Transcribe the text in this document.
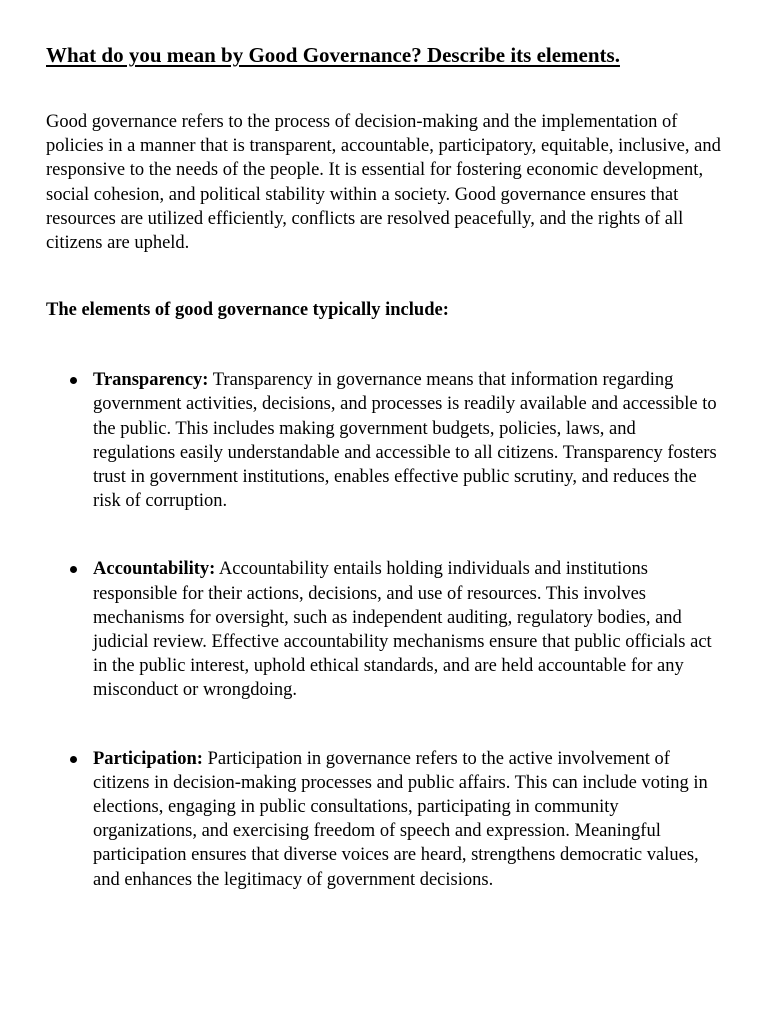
What do you mean by Good Governance? Describe its elements.

Good governance refers to the process of decision-making and the implementation of policies in a manner that is transparent, accountable, participatory, equitable, inclusive, and responsive to the needs of the people. It is essential for fostering economic development, social cohesion, and political stability within a society. Good governance ensures that resources are utilized efficiently, conflicts are resolved peacefully, and the rights of all citizens are upheld.

The elements of good governance typically include:

Transparency: Transparency in governance means that information regarding government activities, decisions, and processes is readily available and accessible to the public. This includes making government budgets, policies, laws, and regulations easily understandable and accessible to all citizens. Transparency fosters trust in government institutions, enables effective public scrutiny, and reduces the risk of corruption.
Accountability: Accountability entails holding individuals and institutions responsible for their actions, decisions, and use of resources. This involves mechanisms for oversight, such as independent auditing, regulatory bodies, and judicial review. Effective accountability mechanisms ensure that public officials act in the public interest, uphold ethical standards, and are held accountable for any misconduct or wrongdoing.
Participation: Participation in governance refers to the active involvement of citizens in decision-making processes and public affairs. This can include voting in elections, engaging in public consultations, participating in community organizations, and exercising freedom of speech and expression. Meaningful participation ensures that diverse voices are heard, strengthens democratic values, and enhances the legitimacy of government decisions.
